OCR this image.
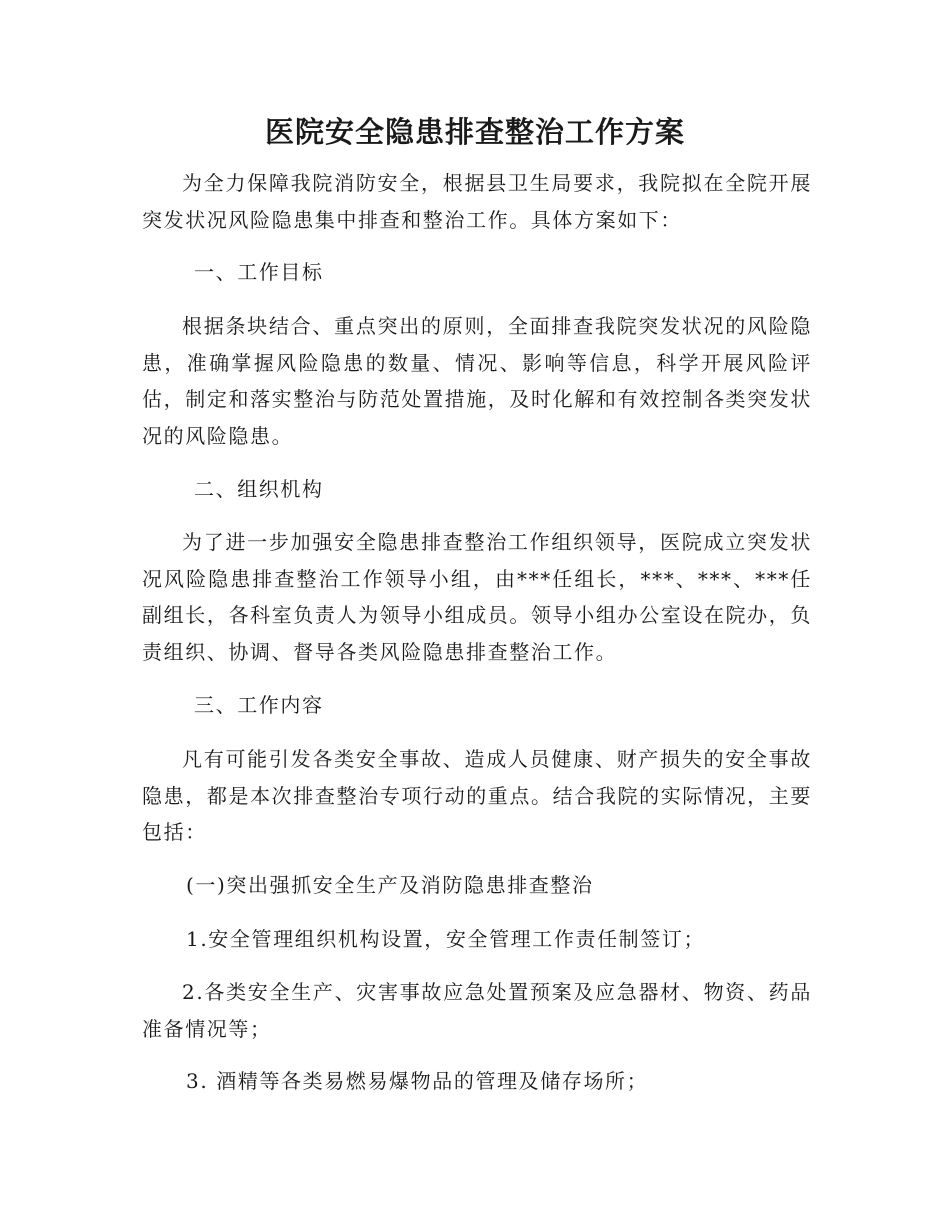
医院安全隐患排查整治工作方案

为全力保障我院消防安全，根据县卫生局要求，我院拟在全院开展突发状况风险隐患集中排查和整治工作。具体方案如下：

一、工作目标

根据条块结合、重点突出的原则，全面排查我院突发状况的风险隐患，准确掌握风险隐患的数量、情况、影响等信息，科学开展风险评估，制定和落实整治与防范处置措施，及时化解和有效控制各类突发状况的风险隐患。

二、组织机构

为了进一步加强安全隐患排查整治工作组织领导，医院成立突发状况风险隐患排查整治工作领导小组，由***任组长，***、***、***任副组长，各科室负责人为领导小组成员。领导小组办公室设在院办，负责组织、协调、督导各类风险隐患排查整治工作。

三、工作内容

凡有可能引发各类安全事故、造成人员健康、财产损失的安全事故隐患，都是本次排查整治专项行动的重点。结合我院的实际情况，主要包括：

(一)突出强抓安全生产及消防隐患排查整治

1.安全管理组织机构设置，安全管理工作责任制签订；

2.各类安全生产、灾害事故应急处置预案及应急器材、物资、药品准备情况等；

3. 酒精等各类易燃易爆物品的管理及储存场所；
